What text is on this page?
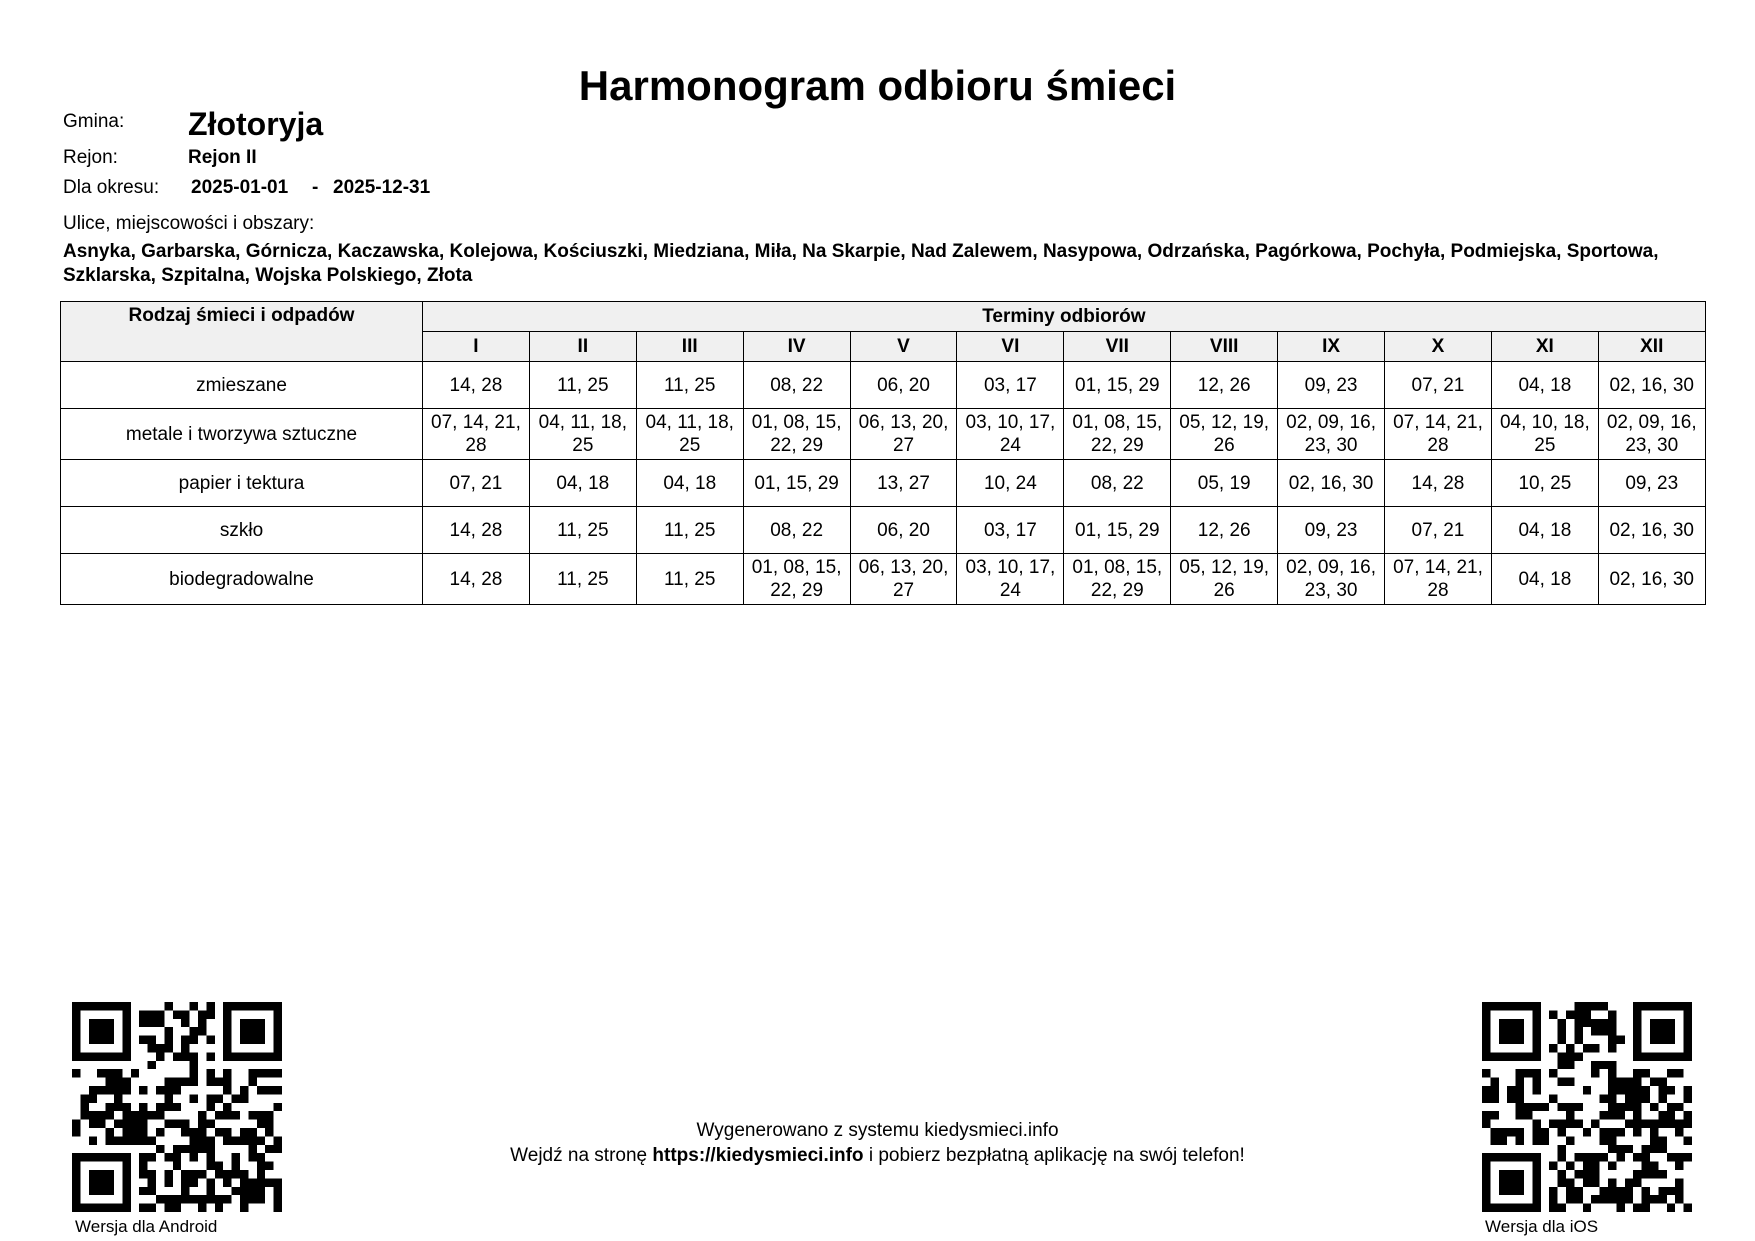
Harmonogram odbioru śmieci
Gmina: Złotoryja
Rejon:	Rejon II
Dla okresu: 2025-01-01 - 2025-12-31
Ulice, miejscowości i obszary:
Asnyka, Garbarska, Górnicza, Kaczawska, Kolejowa, Kościuszki, Miedziana, Miła, Na Skarpie, Nad Zalewem, Nasypowa, Odrzańska, Pagórkowa, Pochyła, Podmiejska, Sportowa, Szklarska, Szpitalna, Wojska Polskiego, Złota
Rodzaj śmieci i odpadów	Terminy odbiorów											
	I	II	III	IV	V	VI	VII	VIII	IX	X	XI	XII
zmieszane	14, 28	11, 25	11, 25	08, 22	06, 20	03, 17	01, 15, 29	12, 26	09, 23	07, 21	04, 18	02, 16, 30
metale i tworzywa sztuczne	07, 14, 21, 28	04, 11, 18, 25	04, 11, 18, 25	01, 08, 15, 22, 29	06, 13, 20, 27	03, 10, 17, 24	01, 08, 15, 22, 29	05, 12, 19, 26	02, 09, 16, 23, 30	07, 14, 21, 28	04, 10, 18, 25	02, 09, 16, 23, 30
papier i tektura	07, 21	04, 18	04, 18	01, 15, 29	13, 27	10, 24	08, 22	05, 19	02, 16, 30	14, 28	10, 25	09, 23
szkło	14, 28	11, 25	11, 25	08, 22	06, 20	03, 17	01, 15, 29	12, 26	09, 23	07, 21	04, 18	02, 16, 30
biodegradowalne	14, 28	11, 25	11, 25	01, 08, 15, 22, 29	06, 13, 20, 27	03, 10, 17, 24	01, 08, 15, 22, 29	05, 12, 19, 26	02, 09, 16, 23, 30	07, 14, 21, 28	04, 18	02, 16, 30
Wersja dla Android	Wersja dla iOS
Wygenerowano z systemu kiedysmieci.info
Wejdź na stronę https://kiedysmieci.info i pobierz bezpłatną aplikację na swój telefon!
